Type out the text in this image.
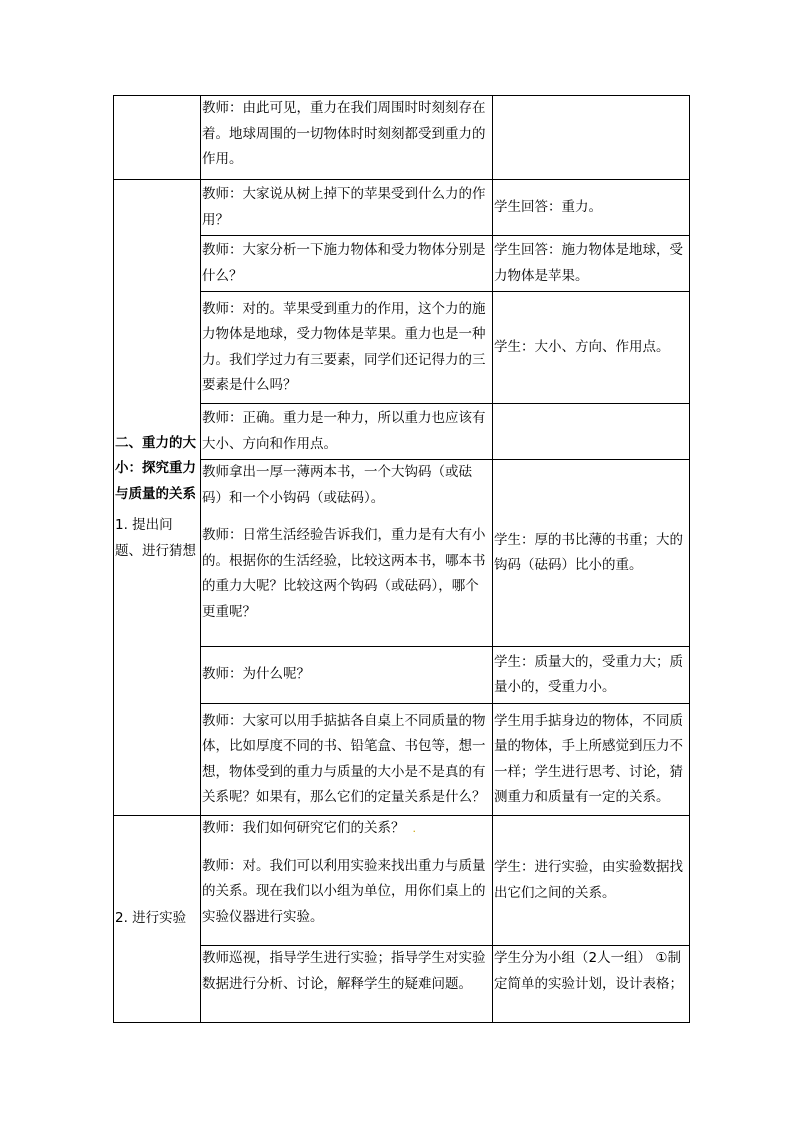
	教师：由此可见，重力在我们周围时时刻刻存在着。地球周围的一切物体时时刻刻都受到重力的作用。	

二、重力的大小：探究重力与质量的关系

1. 提出问题、进行猜想	教师：大家说从树上掉下的苹果受到什么力的作用？	学生回答：重力。

	教师：大家分析一下施力物体和受力物体分别是什么？	学生回答：施力物体是地球，受力物体是苹果。

	教师：对的。苹果受到重力的作用，这个力的施力物体是地球，受力物体是苹果。重力也是一种力。我们学过力有三要素，同学们还记得力的三要素是什么吗？	学生：大小、方向、作用点。

	教师：正确。重力是一种力，所以重力也应该有大小、方向和作用点。	

	教师拿出一厚一薄两本书，一个大钩码（或砝码）和一个小钩码（或砝码）。

教师：日常生活经验告诉我们，重力是有大有小的。根据你的生活经验，比较这两本书，哪本书的重力大呢？比较这两个钩码（或砝码），哪个更重呢？	学生：厚的书比薄的书重；大的钩码（砝码）比小的重。

	教师：为什么呢？	学生：质量大的，受重力大；质量小的，受重力小。

	教师：大家可以用手掂掂各自桌上不同质量的物体，比如厚度不同的书、铅笔盒、书包等，想一想，物体受到的重力与质量的大小是不是真的有关系呢？如果有，那么它们的定量关系是什么？	学生用手掂身边的物体，不同质量的物体，手上所感觉到压力不一样；学生进行思考、讨论，猜测重力和质量有一定的关系。

2. 进行实验	教师：我们如何研究它们的关系？ .

教师：对。我们可以利用实验来找出重力与质量的关系。现在我们以小组为单位，用你们桌上的实验仪器进行实验。	学生：进行实验，由实验数据找出它们之间的关系。

	教师巡视，指导学生进行实验；指导学生对实验数据进行分析、讨论，解释学生的疑难问题。	学生分为小组（2人一组） ①制定简单的实验计划，设计表格；
